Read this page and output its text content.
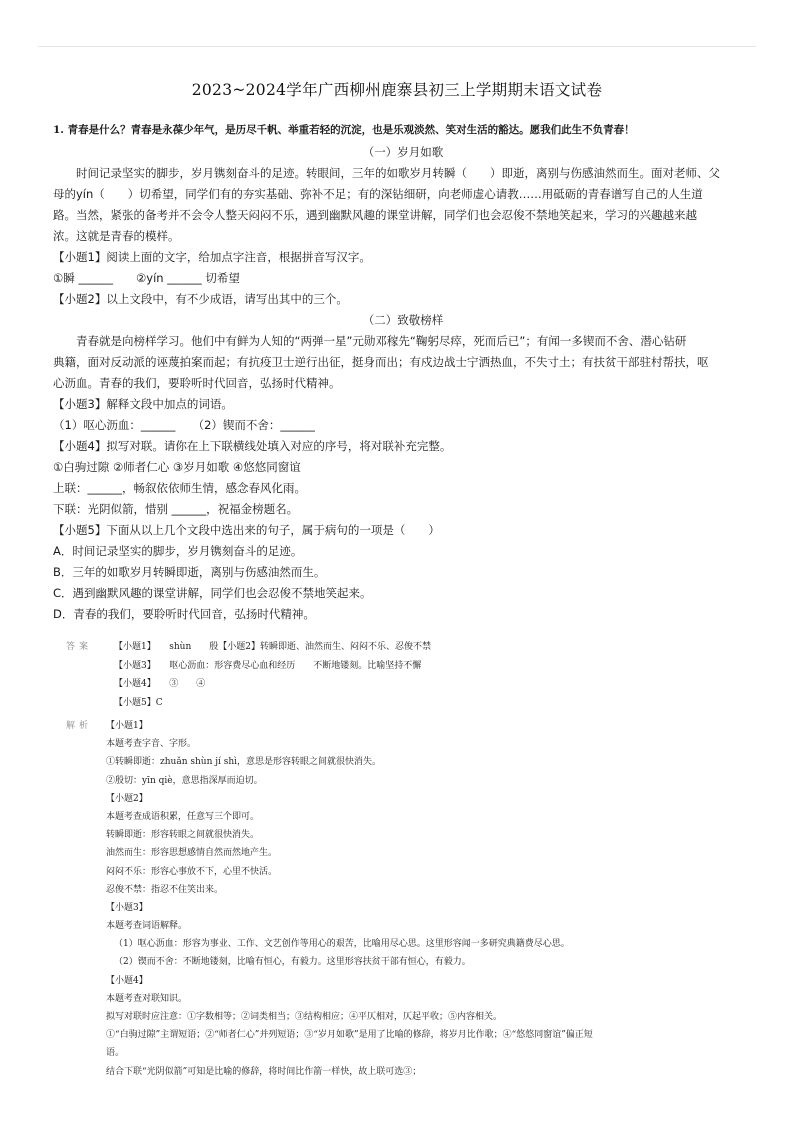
2023~2024学年广西柳州鹿寨县初三上学期期末语文试卷
1. 青春是什么？青春是永葆少年气，是历尽千帆、举重若轻的沉淀，也是乐观淡然、笑对生活的豁达。愿我们此生不负青春！

（一）岁月如歌

时间记录坚实的脚步，岁月镌刻奋斗的足迹。转眼间，三年的如歌岁月转瞬（　　）即逝，离别与伤感油然而生。面对老师、父

母的yín（　　）切希望，同学们有的夯实基础、弥补不足；有的深钻细研，向老师虚心请教……用砥砺的青春谱写自己的人生道

路。当然，紧张的备考并不会令人整天闷闷不乐，遇到幽默风趣的课堂讲解，同学们也会忍俊不禁地笑起来，学习的兴趣越来越

浓。这就是青春的模样。

【小题1】阅读上面的文字，给加点字注音，根据拼音写汉字。

①瞬 ______　　②yín ______ 切希望

【小题2】以上文段中，有不少成语，请写出其中的三个。

（二）致敬榜样

青春就是向榜样学习。他们中有鲜为人知的“两弹一星”元勋邓稼先“鞠躬尽瘁，死而后已”；有闻一多锲而不舍、潜心钻研

典籍，面对反动派的诬蔑拍案而起；有抗疫卫士逆行出征，挺身而出；有戍边战士宁洒热血，不失寸土；有扶贫干部驻村帮扶，呕

心沥血。青春的我们，要聆听时代回音，弘扬时代精神。

【小题3】解释文段中加点的词语。

（1）呕心沥血：______　　（2）锲而不舍：______

【小题4】拟写对联。请你在上下联横线处填入对应的序号，将对联补充完整。

①白驹过隙 ②师者仁心 ③岁月如歌 ④悠悠同窗谊

上联：______，畅叙依依师生情，感念春风化雨。

下联：光阴似箭，惜别 ______，祝福金榜题名。

【小题5】下面从以上几个文段中选出来的句子，属于病句的一项是（　　）

A．时间记录坚实的脚步，岁月镌刻奋斗的足迹。

B．三年的如歌岁月转瞬即逝，离别与伤感油然而生。

C．遇到幽默风趣的课堂讲解，同学们也会忍俊不禁地笑起来。

D．青春的我们，要聆听时代回音，弘扬时代精神。

答案 【小题1】　　shùn　　殷【小题2】转瞬即逝、油然而生、闷闷不乐、忍俊不禁
【小题3】　　呕心沥血：形容费尽心血和经历　　不断地镂刻。比喻坚持不懈
【小题4】　　③　　④
【小题5】C
解析	【小题1】
本题考查字音、字形。
①转瞬即逝：zhuǎn shùn jí shì，意思是形容转眼之间就很快消失。
②殷切：yīn qiè，意思指深厚而迫切。
【小题2】
本题考查成语积累，任意写三个即可。
转瞬即逝：形容转眼之间就很快消失。
油然而生：形容思想感情自然而然地产生。
闷闷不乐：形容心事放不下，心里不快活。
忍俊不禁：指忍不住笑出来。
【小题3】
本题考查词语解释。
（1）呕心沥血：形容为事业、工作、文艺创作等用心的艰苦，比喻用尽心思。这里形容闻一多研究典籍费尽心思。
（2）锲而不舍：不断地镂刻，比喻有恒心，有毅力。这里形容扶贫干部有恒心，有毅力。
【小题4】
本题考查对联知识。
拟写对联时应注意：①字数相等；②词类相当；③结构相应；④平仄相对，仄起平收；⑤内容相关。
①“白驹过隙”主谓短语；②“师者仁心”并列短语；③“岁月如歌”是用了比喻的修辞，将岁月比作歌；④“悠悠同窗谊”偏正短
语。
结合下联“光阴似箭”可知是比喻的修辞，将时间比作箭一样快，故上联可选③；
